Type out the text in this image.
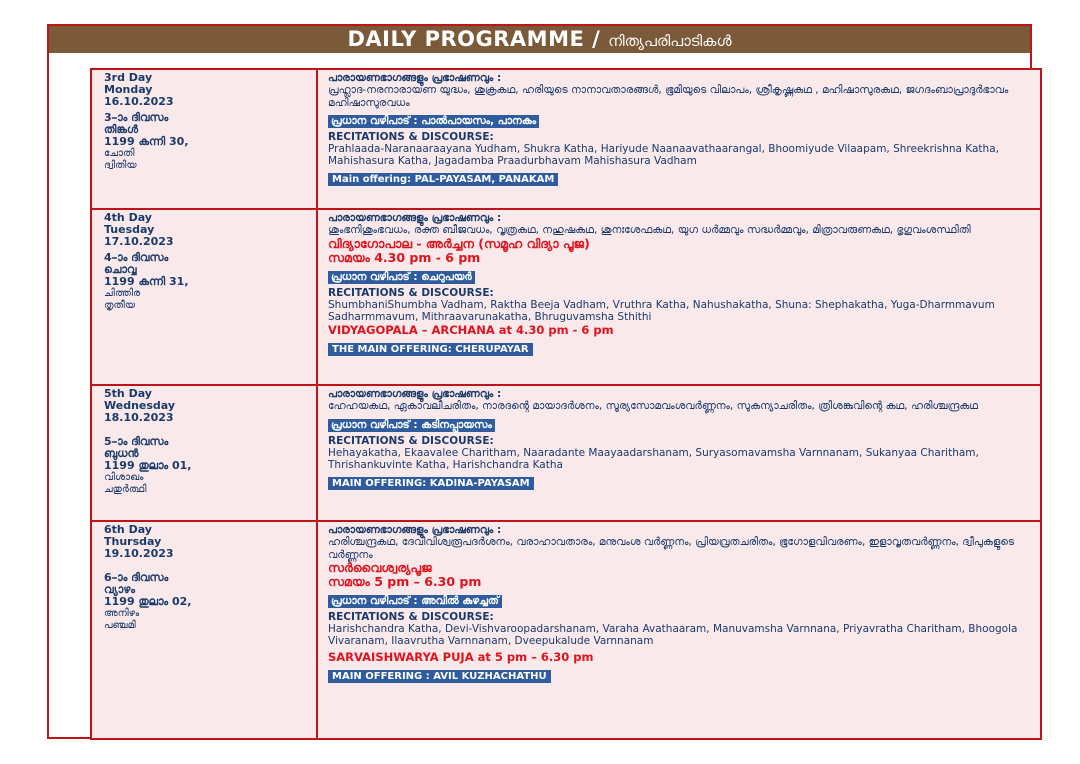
DAILY PROGRAMME / നിത്യപരിപാടികൾ
3rd Day
Monday
16.10.2023
3–ാം ദിവസം
തിങ്കൾ
1199 കന്നി 30,
ചോതി
ദ്വിതിയ
പാരായണഭാഗങ്ങളും പ്രഭാഷണവും :
പ്രഹ്ലാദ-നരനാരായണ യുദ്ധം, ശുക്രകഥ, ഹരിയുടെ നാനാവതാരങ്ങൾ, ഭൂമിയുടെ വിലാപം, ശ്രീകൃഷ്ണകഥ , മഹിഷാസുരകഥ, ജഗദംബാപ്രാദുർഭാവം മഹിഷാസുരവധം
പ്രധാന വഴിപാട് : പാൽപായസം, പാനകം
RECITATIONS & DISCOURSE:
Prahlaada-Naranaaraayana Yudham, Shukra Katha, Hariyude Naanaavathaarangal, Bhoomiyude Vilaapam, Shreekrishna Katha, Mahishasura Katha, Jagadamba Praadurbhavam Mahishasura Vadham
Main offering: PAL-PAYASAM, PANAKAM
4th Day
Tuesday
17.10.2023
4–ാം ദിവസം
ചൊവ്വ
1199 കന്നി 31,
ചിത്തിര
തൃതീയ
പാരായണഭാഗങ്ങളും പ്രഭാഷണവും :
ശുംഭനിശുംഭവധം, രക്ത ബീജവധം, വൃത്രകഥ, നഹുഷകഥ, ശുനഃശേഫകഥ, യുഗ ധർമ്മവും സദ്ധർമ്മവും, മിത്രാവരുണകഥ, ഭൃഗുവംശസ്ഥിതി
വിദ്യാഗോപാല - അർച്ചന (സമൂഹ വിദ്യാ പൂജ)
സമയം 4.30 pm - 6 pm
പ്രധാന വഴിപാട് : ചെറുപയർ
RECITATIONS & DISCOURSE:
ShumbhaniShumbha Vadham, Raktha Beeja Vadham, Vruthra Katha, Nahushakatha, Shuna: Shephakatha, Yuga-Dharmmavum Sadharmmavum, Mithraavarunakatha, Bhruguvamsha Sthithi
VIDYAGOPALA – ARCHANA at 4.30 pm - 6 pm
THE MAIN OFFERING: CHERUPAYAR
5th Day
Wednesday
18.10.2023
5–ാം ദിവസം
ബുധൻ
1199 തുലാം 01,
വിശാഖം
ചതുർത്ഥി
പാരായണഭാഗങ്ങളും പ്രഭാഷണവും :
ഹേഹയകഥ, ഏകാവലീചരിതം, നാരദന്റെ മായാദർശനം, സൂര്യസോമവംശവർണ്ണനം, സുകന്യാചരിതം, ത്രിശങ്കുവിന്റെ കഥ, ഹരിശ്ചന്ദ്രകഥ
പ്രധാന വഴിപാട് : കടിനപ്പായസം
RECITATIONS & DISCOURSE:
Hehayakatha, Ekaavalee Charitham, Naaradante Maayaadarshanam, Suryasomavamsha Varnnanam, Sukanyaa Charitham, Thrishankuvinte Katha, Harishchandra Katha
MAIN OFFERING: KADINA-PAYASAM
6th Day
Thursday
19.10.2023
6–ാം ദിവസം
വ്യാഴം
1199 തുലാം 02,
അനിഴം
പഞ്ചമി
പാരായണഭാഗങ്ങളും പ്രഭാഷണവും :
ഹരിശ്ചന്ദ്രകഥ, ദേവീവിശ്വരൂപദർശനം, വരാഹാവതാരം, മനുവംശ വർണ്ണനം, പ്രിയവ്രതചരിതം, ഭൂഗോളവിവരണം, ഇളാവൃതവർണ്ണനം, ദ്വീപുകളുടെ വർണ്ണനം
സർവൈശ്വര്യപൂജ
സമയം 5 pm – 6.30 pm
പ്രധാന വഴിപാട് : അവിൽ കുഴച്ചത്
RECITATIONS & DISCOURSE:
Harishchandra Katha, Devi-Vishvaroopadarshanam, Varaha Avathaaram, Manuvamsha Varnnana, Priyavratha Charitham, Bhoogola Vivaranam, Ilaavrutha Varnnanam, Dveepukalude Varnnanam
SARVAISHWARYA PUJA at 5 pm – 6.30 pm
MAIN OFFERING : AVIL KUZHACHATHU
